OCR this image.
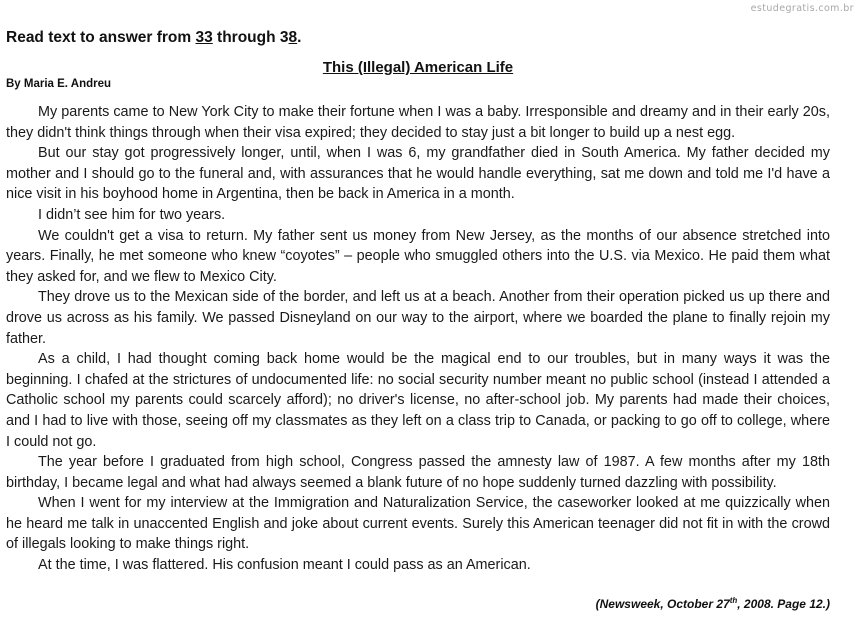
estudegratis.com.br
Read text to answer from 33 through 38.
This (Illegal) American Life
By Maria E. Andreu

My parents came to New York City to make their fortune when I was a baby. Irresponsible and dreamy and in their early 20s, they didn't think things through when their visa expired; they decided to stay just a bit longer to build up a nest egg.

But our stay got progressively longer, until, when I was 6, my grandfather died in South America. My father decided my mother and I should go to the funeral and, with assurances that he would handle everything, sat me down and told me I'd have a nice visit in his boyhood home in Argentina, then be back in America in a month.

I didn’t see him for two years.

We couldn't get a visa to return. My father sent us money from New Jersey, as the months of our absence stretched into years. Finally, he met someone who knew “coyotes” – people who smuggled others into the U.S. via Mexico. He paid them what they asked for, and we flew to Mexico City.

They drove us to the Mexican side of the border, and left us at a beach. Another from their operation picked us up there and drove us across as his family. We passed Disneyland on our way to the airport, where we boarded the plane to finally rejoin my father.

As a child, I had thought coming back home would be the magical end to our troubles, but in many ways it was the beginning. I chafed at the strictures of undocumented life: no social security number meant no public school (instead I attended a Catholic school my parents could scarcely afford); no driver's license, no after-school job. My parents had made their choices, and I had to live with those, seeing off my classmates as they left on a class trip to Canada, or packing to go off to college, where I could not go.

The year before I graduated from high school, Congress passed the amnesty law of 1987. A few months after my 18th birthday, I became legal and what had always seemed a blank future of no hope suddenly turned dazzling with possibility.

When I went for my interview at the Immigration and Naturalization Service, the caseworker looked at me quizzically when he heard me talk in unaccented English and joke about current events. Surely this American teenager did not fit in with the crowd of illegals looking to make things right.

At the time, I was flattered. His confusion meant I could pass as an American.

(Newsweek, October 27th, 2008. Page 12.)
